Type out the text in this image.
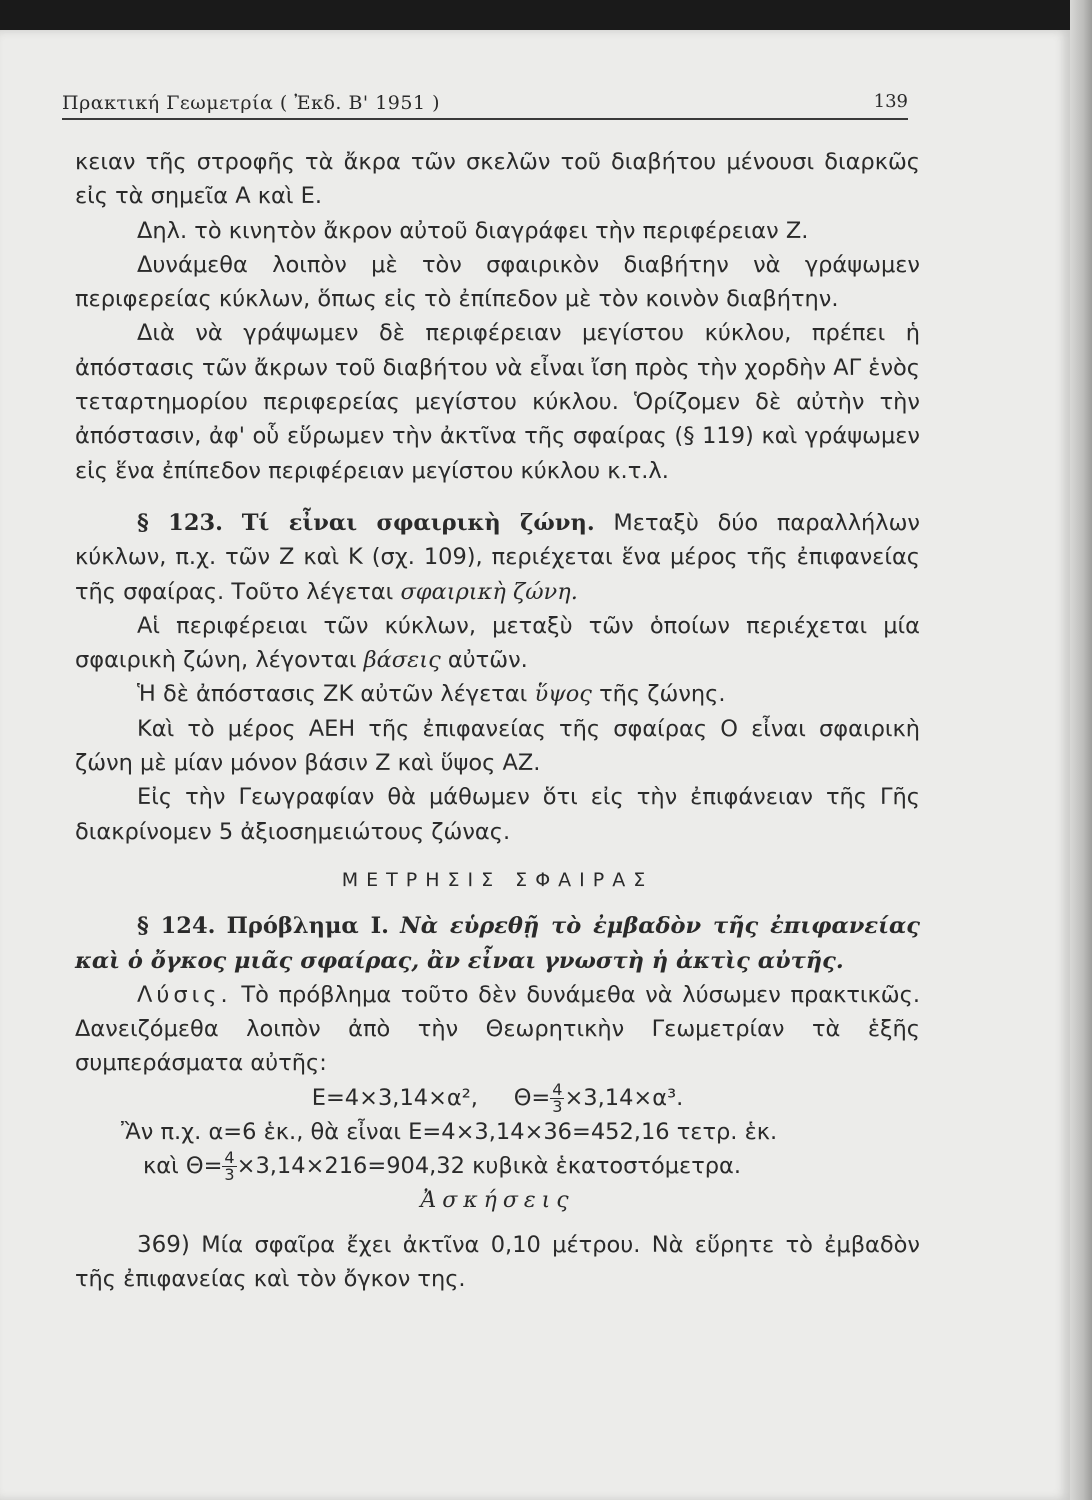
Πρακτική Γεωμετρία ( Ἐκδ. Β' 1951 )	139

κειαν τῆς στροφῆς τὰ ἄκρα τῶν σκελῶν τοῦ διαβήτου μένουσι διαρκῶς εἰς τὰ σημεῖα Α καὶ Ε.

Δηλ. τὸ κινητὸν ἄκρον αὐτοῦ διαγράφει τὴν περιφέρειαν Ζ.

Δυνάμεθα λοιπὸν μὲ τὸν σφαιρικὸν διαβήτην νὰ γράψωμεν περιφερείας κύκλων, ὅπως εἰς τὸ ἐπίπεδον μὲ τὸν κοινὸν διαβήτην.

Διὰ νὰ γράψωμεν δὲ περιφέρειαν μεγίστου κύκλου, πρέπει ἡ ἀπόστασις τῶν ἄκρων τοῦ διαβήτου νὰ εἶναι ἴση πρὸς τὴν χορδὴν ΑΓ ἑνὸς τεταρτημορίου περιφερείας μεγίστου κύκλου. Ὁρίζομεν δὲ αὐτὴν τὴν ἀπόστασιν, ἀφ' οὗ εὕρωμεν τὴν ἀκτῖνα τῆς σφαίρας (§ 119) καὶ γράψωμεν εἰς ἕνα ἐπίπεδον περιφέρειαν μεγίστου κύκλου κ.τ.λ.

§ 123. Τί εἶναι σφαιρικὴ ζώνη. Μεταξὺ δύο παραλλήλων κύκλων, π.χ. τῶν Ζ καὶ Κ (σχ. 109), περιέχεται ἕνα μέρος τῆς ἐπιφανείας τῆς σφαίρας. Τοῦτο λέγεται σφαιρικὴ ζώνη.

Αἱ περιφέρειαι τῶν κύκλων, μεταξὺ τῶν ὁποίων περιέχεται μία σφαιρικὴ ζώνη, λέγονται βάσεις αὐτῶν.

Ἡ δὲ ἀπόστασις ΖΚ αὐτῶν λέγεται ὕψος τῆς ζώνης.

Καὶ τὸ μέρος ΑΕΗ τῆς ἐπιφανείας τῆς σφαίρας Ο εἶναι σφαιρικὴ ζώνη μὲ μίαν μόνον βάσιν Ζ καὶ ὕψος ΑΖ.

Εἰς τὴν Γεωγραφίαν θὰ μάθωμεν ὅτι εἰς τὴν ἐπιφάνειαν τῆς Γῆς διακρίνομεν 5 ἀξιοσημειώτους ζώνας.

ΜΕΤΡΗΣΙΣ ΣΦΑΙΡΑΣ

§ 124. Πρόβλημα Ι. Νὰ εὑρεθῇ τὸ ἐμβαδὸν τῆς ἐπιφανείας καὶ ὁ ὄγκος μιᾶς σφαίρας, ἂν εἶναι γνωστὴ ἡ ἀκτὶς αὐτῆς.

Λύσις. Τὸ πρόβλημα τοῦτο δὲν δυνάμεθα νὰ λύσωμεν πρακτικῶς. Δανειζόμεθα λοιπὸν ἀπὸ τὴν Θεωρητικὴν Γεωμετρίαν τὰ ἑξῆς συμπεράσματα αὐτῆς:

Ε=4×3,14×α², $\Theta= \frac{4}{3} \times 3,14\times\alpha^3$.

Ἂν π.χ. α=6 ἑκ., θὰ εἶναι Ε=4×3,14×36=452,16 τετρ. ἑκ.

καὶ $\Theta= \frac{4}{3} \times 3,14\times 216=904,32$ κυβικὰ ἑκατοστόμετρα.

Ἀσκήσεις

369) Μία σφαῖρα ἔχει ἀκτῖνα 0,10 μέτρου. Νὰ εὕρητε τὸ ἐμβαδὸν τῆς ἐπιφανείας καὶ τὸν ὄγκον της.
